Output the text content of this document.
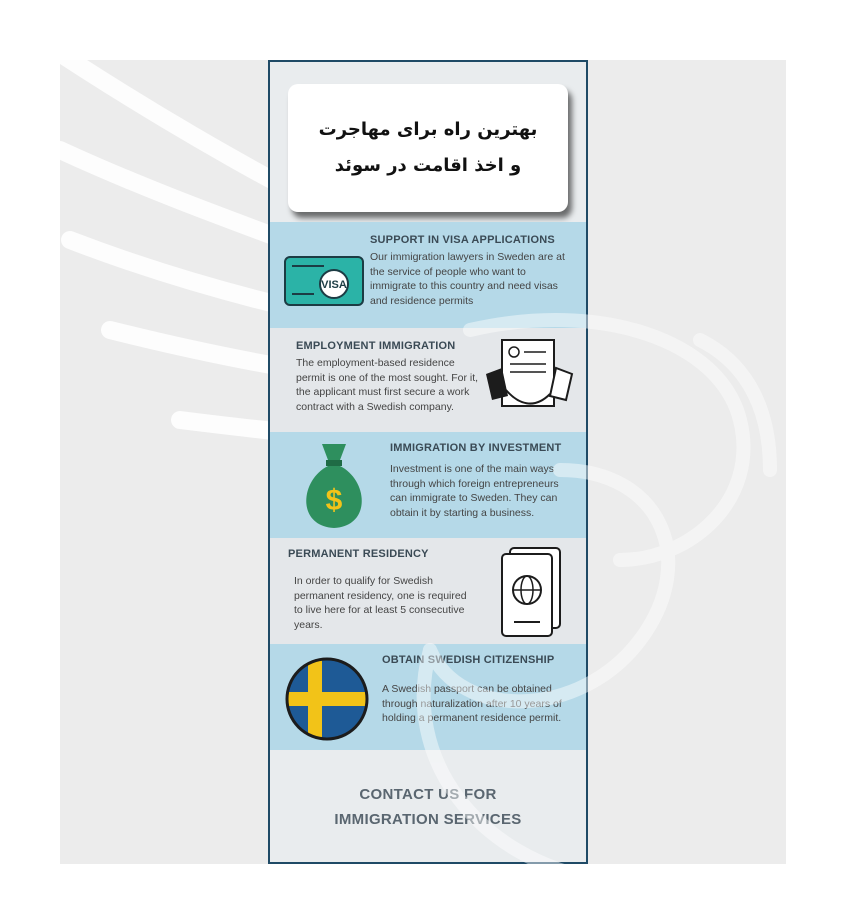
بهترین راه برای مهاجرت
و اخذ اقامت در سوئد
SUPPORT IN VISA APPLICATIONS
Our immigration lawyers in Sweden are at the service of people who want to immigrate to this country and need visas and residence permits
VISA
EMPLOYMENT IMMIGRATION
The employment-based residence permit is one of the most sought. For it, the applicant must first secure a work contract with a Swedish company.
IMMIGRATION BY INVESTMENT
Investment is one of the main ways through which foreign entrepreneurs can immigrate to Sweden. They can obtain it by starting a business.
$
PERMANENT RESIDENCY
In order to qualify for Swedish permanent residency, one is required to live here for at least 5 consecutive years.
OBTAIN SWEDISH CITIZENSHIP
A Swedish passport can be obtained through naturalization after 10 years of holding a permanent residence permit.
CONTACT US FOR
IMMIGRATION SERVICES
